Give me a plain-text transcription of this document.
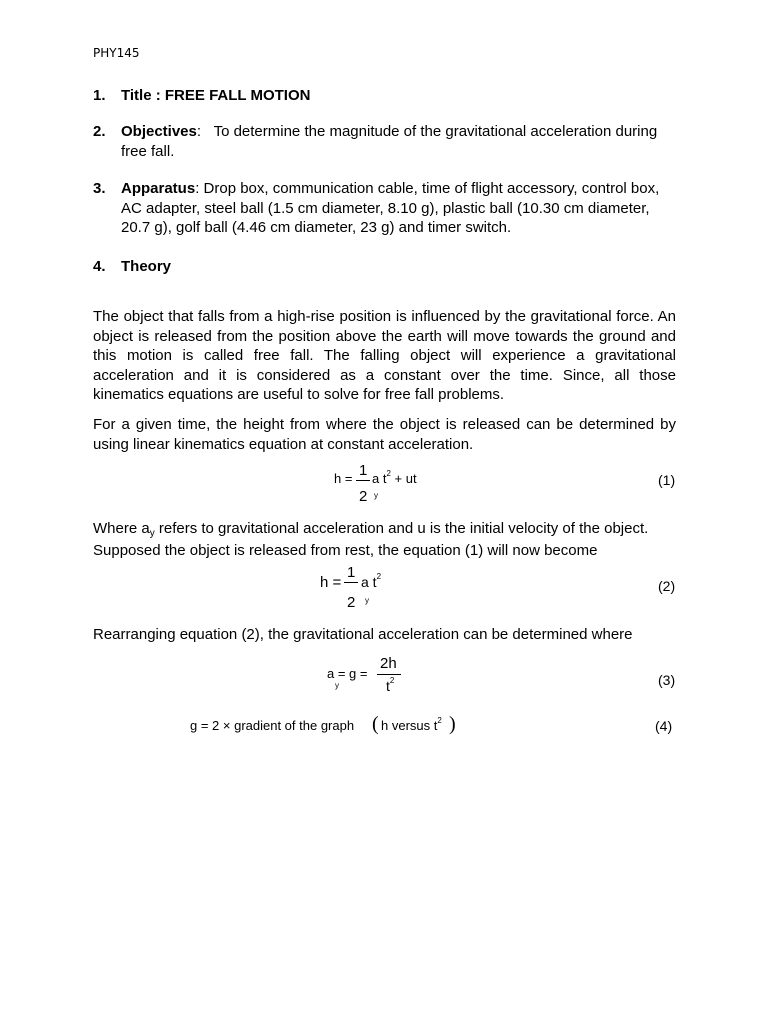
PHY145
1. Title : FREE FALL MOTION
2. Objectives: To determine the magnitude of the gravitational acceleration during
free fall.
3. Apparatus: Drop box, communication cable, time of flight accessory, control box,
AC adapter, steel ball (1.5 cm diameter, 8.10 g), plastic ball (10.30 cm diameter,
20.7 g), golf ball (4.46 cm diameter, 23 g) and timer switch.
4. Theory
The object that falls from a high-rise position is influenced by the gravitational force. An object is released from the position above the earth will move towards the ground and this motion is called free fall. The falling object will experience a gravitational acceleration and it is considered as a constant over the time. Since, all those kinematics equations are useful to solve for free fall problems.
For a given time, the height from where the object is released can be determined by using linear kinematics equation at constant acceleration.
h = 1
2
a $t^2$ + ut
y
(1)
Where $a_y$ refers to gravitational acceleration and u is the initial velocity of the object.
Supposed the object is released from rest, the equation (1) will now become
h =
1
2
a $t^2$
y
(2)
Rearranging equation (2), the gravitational acceleration can be determined where
a = g =
y
2h
$t^2$	(3)
g = 2 × gradient of the graph ( h versus $t^2$ )	(4)
